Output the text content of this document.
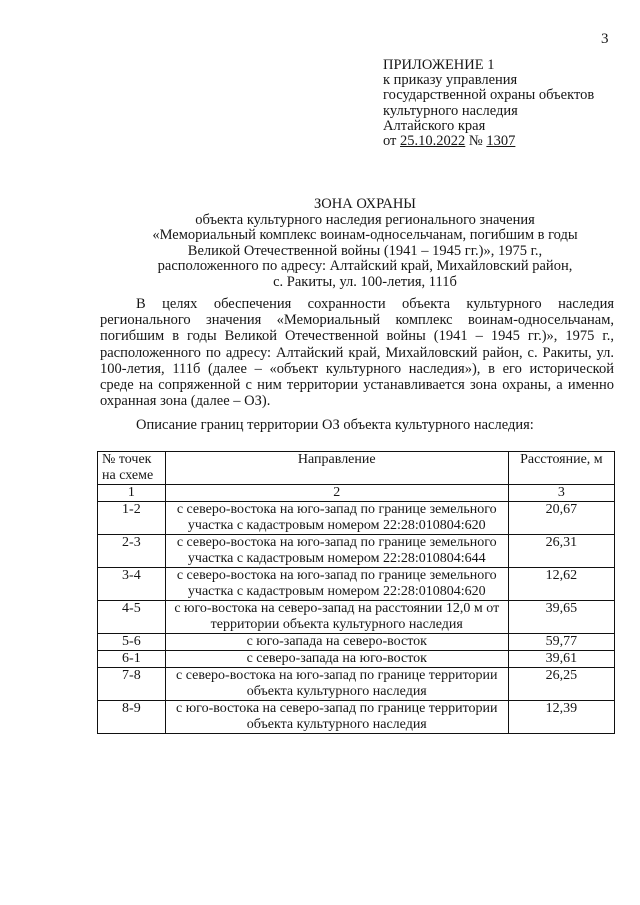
3
ПРИЛОЖЕНИЕ 1
к приказу управления
государственной охраны объектов
культурного наследия
Алтайского края
от 25.10.2022 № 1307
ЗОНА ОХРАНЫ
объекта культурного наследия регионального значения
«Мемориальный комплекс воинам-односельчанам, погибшим в годы
Великой Отечественной войны (1941 – 1945 гг.)», 1975 г.,
расположенного по адресу: Алтайский край, Михайловский район,
с. Ракиты, ул. 100-летия, 111б

В целях обеспечения сохранности объекта культурного наследия регионального значения «Мемориальный комплекс воинам-односельчанам, погибшим в годы Великой Отечественной войны (1941 – 1945 гг.)», 1975 г., расположенного по адресу: Алтайский край, Михайловский район, с. Ракиты, ул. 100-летия, 111б (далее – «объект культурного наследия»), в его исторической среде на сопряженной с ним территории устанавливается зона охраны, а именно охранная зона (далее – ОЗ).

Описание границ территории ОЗ объекта культурного наследия:

№ точек на схеме	Направление	Расстояние, м
1	2	3
1-2	с северо-востока на юго-запад по границе земельного участка с кадастровым номером 22:28:010804:620	20,67
2-3	с северо-востока на юго-запад по границе земельного участка с кадастровым номером 22:28:010804:644	26,31
3-4	с северо-востока на юго-запад по границе земельного участка с кадастровым номером 22:28:010804:620	12,62
4-5	с юго-востока на северо-запад на расстоянии 12,0 м от территории объекта культурного наследия	39,65
5-6	с юго-запада на северо-восток	59,77
6-1	с северо-запада на юго-восток	39,61
7-8	с северо-востока на юго-запад по границе территории объекта культурного наследия	26,25
8-9	с юго-востока на северо-запад по границе территории объекта культурного наследия	12,39
